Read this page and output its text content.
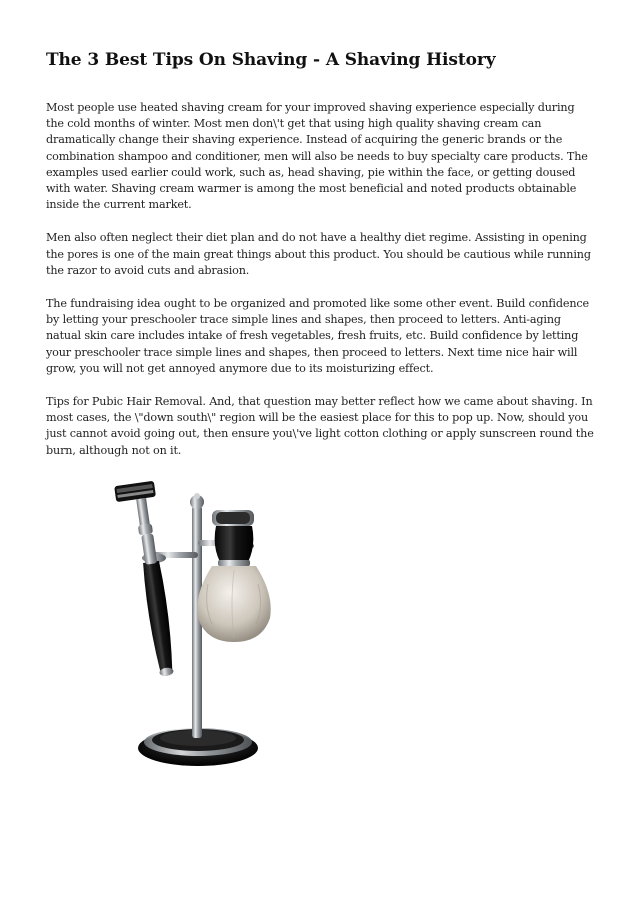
The 3 Best Tips On Shaving - A Shaving History

Most people use heated shaving cream for your improved shaving experience especially during the cold months of winter. Most men don\'t get that using high quality shaving cream can dramatically change their shaving experience. Instead of acquiring the generic brands or the combination shampoo and conditioner, men will also be needs to buy specialty care products. The examples used earlier could work, such as, head shaving, pie within the face, or getting doused with water. Shaving cream warmer is among the most beneficial and noted products obtainable inside the current market.

Men also often neglect their diet plan and do not have a healthy diet regime. Assisting in opening the pores is one of the main great things about this product. You should be cautious while running the razor to avoid cuts and abrasion.

The fundraising idea ought to be organized and promoted like some other event. Build confidence by letting your preschooler trace simple lines and shapes, then proceed to letters. Anti-aging natual skin care includes intake of fresh vegetables, fresh fruits, etc. Build confidence by letting your preschooler trace simple lines and shapes, then proceed to letters. Next time nice hair will grow, you will not get annoyed anymore due to its moisturizing effect.

Tips for Pubic Hair Removal. And, that question may better reflect how we came about shaving. In most cases, the \"down south\" region will be the easiest place for this to pop up. Now, should you just cannot avoid going out, then ensure you\'ve light cotton clothing or apply sunscreen round the burn, although not on it.
